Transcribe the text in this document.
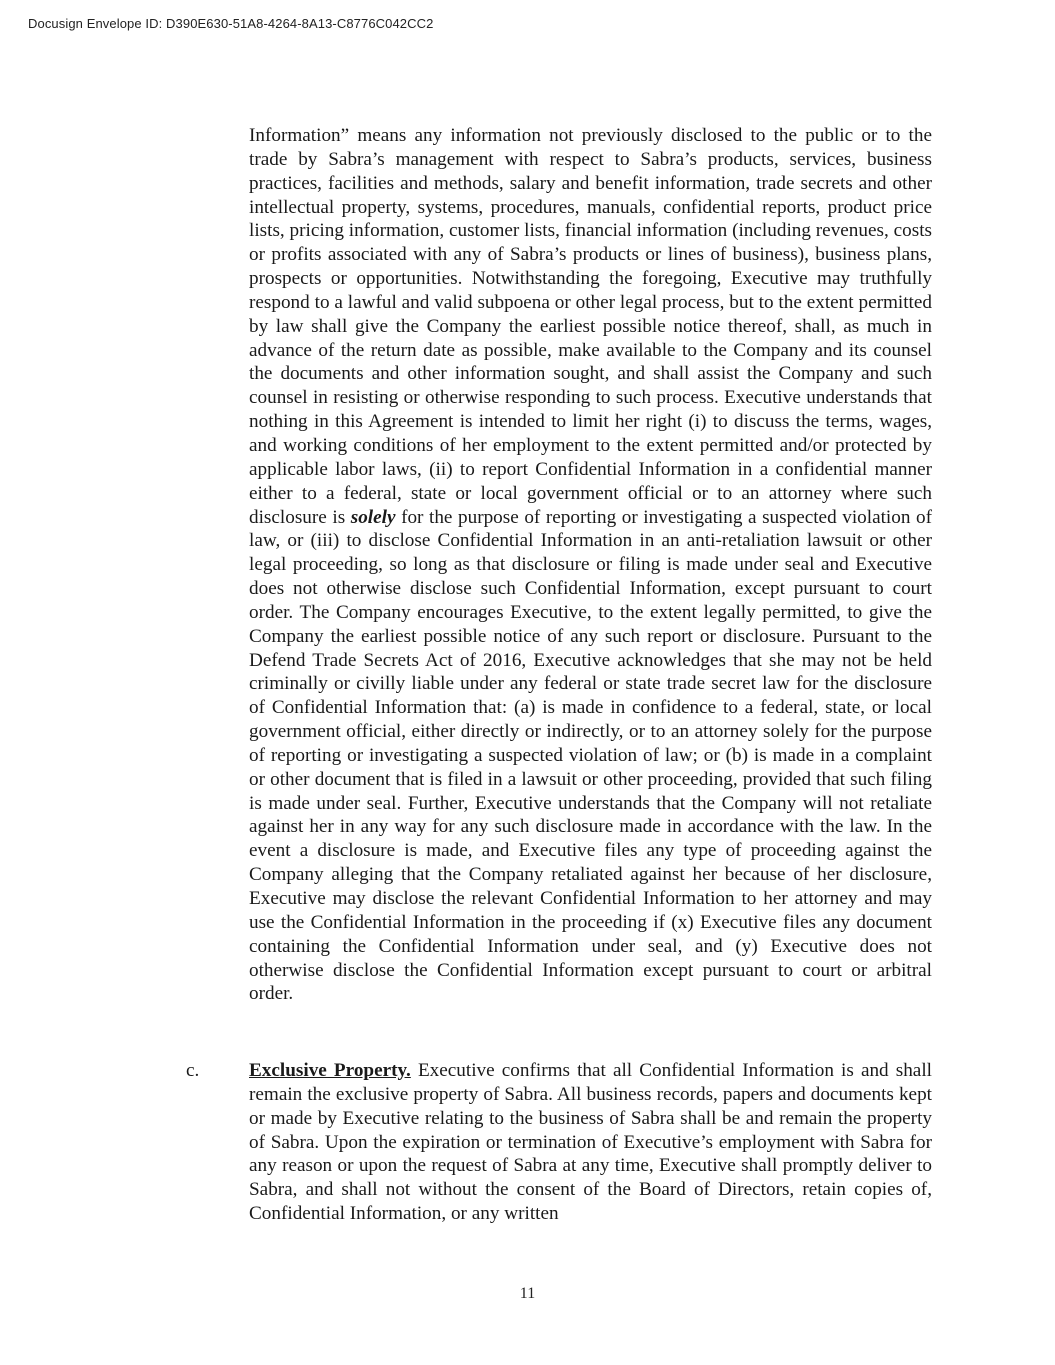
Docusign Envelope ID: D390E630-51A8-4264-8A13-C8776C042CC2

Information” means any information not previously disclosed to the public or to the trade by Sabra’s management with respect to Sabra’s products, services, business practices, facilities and methods, salary and benefit information, trade secrets and other intellectual property, systems, procedures, manuals, confidential reports, product price lists, pricing information, customer lists, financial information (including revenues, costs or profits associated with any of Sabra’s products or lines of business), business plans, prospects or opportunities. Notwithstanding the foregoing, Executive may truthfully respond to a lawful and valid subpoena or other legal process, but to the extent permitted by law shall give the Company the earliest possible notice thereof, shall, as much in advance of the return date as possible, make available to the Company and its counsel the documents and other information sought, and shall assist the Company and such counsel in resisting or otherwise responding to such process. Executive understands that nothing in this Agreement is intended to limit her right (i) to discuss the terms, wages, and working conditions of her employment to the extent permitted and/or protected by applicable labor laws, (ii) to report Confidential Information in a confidential manner either to a federal, state or local government official or to an attorney where such disclosure is solely for the purpose of reporting or investigating a suspected violation of law, or (iii) to disclose Confidential Information in an anti-retaliation lawsuit or other legal proceeding, so long as that disclosure or filing is made under seal and Executive does not otherwise disclose such Confidential Information, except pursuant to court order. The Company encourages Executive, to the extent legally permitted, to give the Company the earliest possible notice of any such report or disclosure. Pursuant to the Defend Trade Secrets Act of 2016, Executive acknowledges that she may not be held criminally or civilly liable under any federal or state trade secret law for the disclosure of Confidential Information that: (a) is made in confidence to a federal, state, or local government official, either directly or indirectly, or to an attorney solely for the purpose of reporting or investigating a suspected violation of law; or (b) is made in a complaint or other document that is filed in a lawsuit or other proceeding, provided that such filing is made under seal. Further, Executive understands that the Company will not retaliate against her in any way for any such disclosure made in accordance with the law. In the event a disclosure is made, and Executive files any type of proceeding against the Company alleging that the Company retaliated against her because of her disclosure, Executive may disclose the relevant Confidential Information to her attorney and may use the Confidential Information in the proceeding if (x) Executive files any document containing the Confidential Information under seal, and (y) Executive does not otherwise disclose the Confidential Information except pursuant to court or arbitral order.

c.	Exclusive Property. Executive confirms that all Confidential Information is and shall remain the exclusive property of Sabra. All business records, papers and documents kept or made by Executive relating to the business of Sabra shall be and remain the property of Sabra. Upon the expiration or termination of Executive’s employment with Sabra for any reason or upon the request of Sabra at any time, Executive shall promptly deliver to Sabra, and shall not without the consent of the Board of Directors, retain copies of, Confidential Information, or any written

11
